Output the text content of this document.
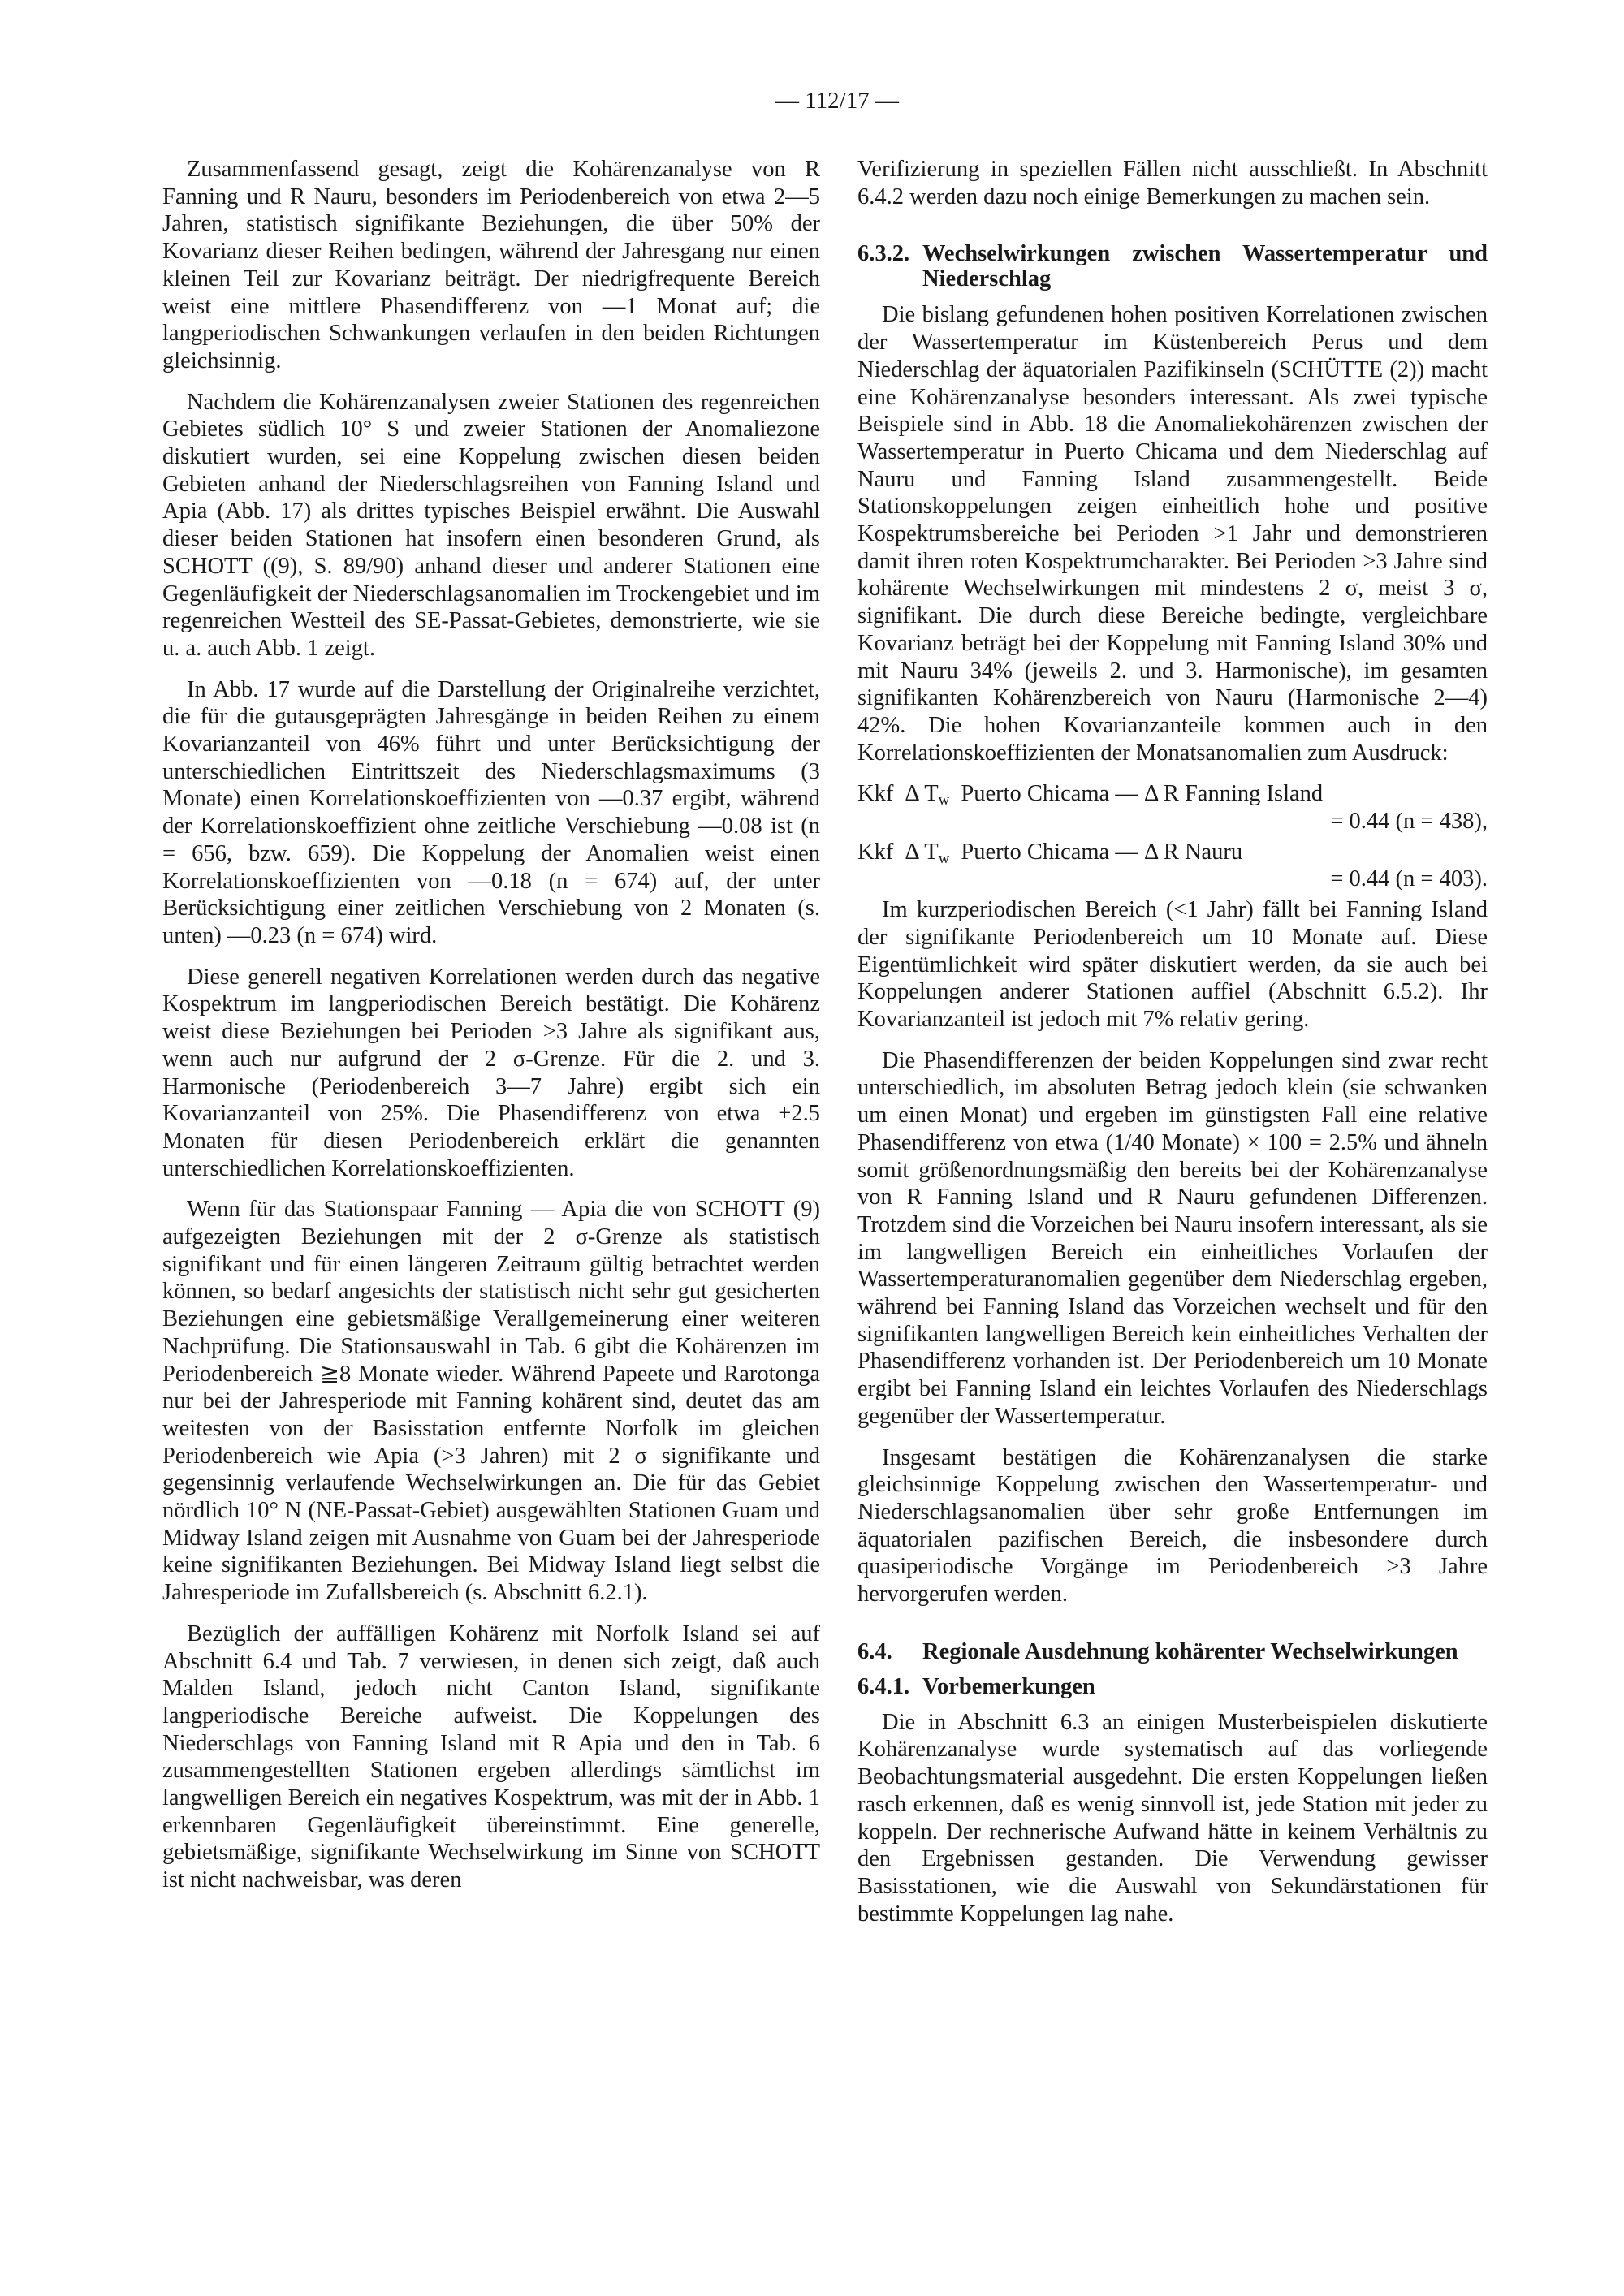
— 112/17 —

Zusammenfassend gesagt, zeigt die Kohärenzanalyse von R Fanning und R Nauru, besonders im Periodenbereich von etwa 2—5 Jahren, statistisch signifikante Beziehungen, die über 50% der Kovarianz dieser Reihen bedingen, während der Jahresgang nur einen kleinen Teil zur Kovarianz beiträgt. Der niedrigfrequente Bereich weist eine mittlere Phasendifferenz von —1 Monat auf; die langperiodischen Schwankungen verlaufen in den beiden Richtungen gleichsinnig.

Nachdem die Kohärenzanalysen zweier Stationen des regenreichen Gebietes südlich 10° S und zweier Stationen der Anomaliezone diskutiert wurden, sei eine Koppelung zwischen diesen beiden Gebieten anhand der Niederschlagsreihen von Fanning Island und Apia (Abb. 17) als drittes typisches Beispiel erwähnt. Die Auswahl dieser beiden Stationen hat insofern einen besonderen Grund, als SCHOTT ((9), S. 89/90) anhand dieser und anderer Stationen eine Gegenläufigkeit der Niederschlagsanomalien im Trockengebiet und im regenreichen Westteil des SE-Passat-Gebietes, demonstrierte, wie sie u. a. auch Abb. 1 zeigt.

In Abb. 17 wurde auf die Darstellung der Originalreihe verzichtet, die für die gutausgeprägten Jahresgänge in beiden Reihen zu einem Kovarianzanteil von 46% führt und unter Berücksichtigung der unterschiedlichen Eintrittszeit des Niederschlagsmaximums (3 Monate) einen Korrelationskoeffizienten von —0.37 ergibt, während der Korrelationskoeffizient ohne zeitliche Verschiebung —0.08 ist (n = 656, bzw. 659). Die Koppelung der Anomalien weist einen Korrelationskoeffizienten von —0.18 (n = 674) auf, der unter Berücksichtigung einer zeitlichen Verschiebung von 2 Monaten (s. unten) —0.23 (n = 674) wird.

Diese generell negativen Korrelationen werden durch das negative Kospektrum im langperiodischen Bereich bestätigt. Die Kohärenz weist diese Beziehungen bei Perioden >3 Jahre als signifikant aus, wenn auch nur aufgrund der 2 σ-Grenze. Für die 2. und 3. Harmonische (Periodenbereich 3—7 Jahre) ergibt sich ein Kovarianzanteil von 25%. Die Phasendifferenz von etwa +2.5 Monaten für diesen Periodenbereich erklärt die genannten unterschiedlichen Korrelationskoeffizienten.

Wenn für das Stationspaar Fanning — Apia die von SCHOTT (9) aufgezeigten Beziehungen mit der 2 σ-Grenze als statistisch signifikant und für einen längeren Zeitraum gültig betrachtet werden können, so bedarf angesichts der statistisch nicht sehr gut gesicherten Beziehungen eine gebietsmäßige Verallgemeinerung einer weiteren Nachprüfung. Die Stationsauswahl in Tab. 6 gibt die Kohärenzen im Periodenbereich ≧8 Monate wieder. Während Papeete und Rarotonga nur bei der Jahresperiode mit Fanning kohärent sind, deutet das am weitesten von der Basisstation entfernte Norfolk im gleichen Periodenbereich wie Apia (>3 Jahren) mit 2 σ signifikante und gegensinnig verlaufende Wechselwirkungen an. Die für das Gebiet nördlich 10° N (NE-Passat-Gebiet) ausgewählten Stationen Guam und Midway Island zeigen mit Ausnahme von Guam bei der Jahresperiode keine signifikanten Beziehungen. Bei Midway Island liegt selbst die Jahresperiode im Zufallsbereich (s. Abschnitt 6.2.1).

Bezüglich der auffälligen Kohärenz mit Norfolk Island sei auf Abschnitt 6.4 und Tab. 7 verwiesen, in denen sich zeigt, daß auch Malden Island, jedoch nicht Canton Island, signifikante langperiodische Bereiche aufweist. Die Koppelungen des Niederschlags von Fanning Island mit R Apia und den in Tab. 6 zusammengestellten Stationen ergeben allerdings sämtlichst im langwelligen Bereich ein negatives Kospektrum, was mit der in Abb. 1 erkennbaren Gegenläufigkeit übereinstimmt. Eine generelle, gebietsmäßige, signifikante Wechselwirkung im Sinne von SCHOTT ist nicht nachweisbar, was deren

Verifizierung in speziellen Fällen nicht ausschließt. In Abschnitt 6.4.2 werden dazu noch einige Bemerkungen zu machen sein.

6.3.2. Wechselwirkungen zwischen Wassertemperatur und Niederschlag

Die bislang gefundenen hohen positiven Korrelationen zwischen der Wassertemperatur im Küstenbereich Perus und dem Niederschlag der äquatorialen Pazifikinseln (SCHÜTTE (2)) macht eine Kohärenzanalyse besonders interessant. Als zwei typische Beispiele sind in Abb. 18 die Anomaliekohärenzen zwischen der Wassertemperatur in Puerto Chicama und dem Niederschlag auf Nauru und Fanning Island zusammengestellt. Beide Stationskoppelungen zeigen einheitlich hohe und positive Kospektrumsbereiche bei Perioden >1 Jahr und demonstrieren damit ihren roten Kospektrumcharakter. Bei Perioden >3 Jahre sind kohärente Wechselwirkungen mit mindestens 2 σ, meist 3 σ, signifikant. Die durch diese Bereiche bedingte, vergleichbare Kovarianz beträgt bei der Koppelung mit Fanning Island 30% und mit Nauru 34% (jeweils 2. und 3. Harmonische), im gesamten signifikanten Kohärenzbereich von Nauru (Harmonische 2—4) 42%. Die hohen Kovarianzanteile kommen auch in den Korrelationskoeffizienten der Monatsanomalien zum Ausdruck:

Kkf Δ $T_w$ Puerto Chicama — Δ R Fanning Island
= 0.44 (n = 438),
Kkf Δ $T_w$ Puerto Chicama — Δ R Nauru
= 0.44 (n = 403).

Im kurzperiodischen Bereich (<1 Jahr) fällt bei Fanning Island der signifikante Periodenbereich um 10 Monate auf. Diese Eigentümlichkeit wird später diskutiert werden, da sie auch bei Koppelungen anderer Stationen auffiel (Abschnitt 6.5.2). Ihr Kovarianzanteil ist jedoch mit 7% relativ gering.

Die Phasendifferenzen der beiden Koppelungen sind zwar recht unterschiedlich, im absoluten Betrag jedoch klein (sie schwanken um einen Monat) und ergeben im günstigsten Fall eine relative Phasendifferenz von etwa (1/40 Monate) × 100 = 2.5% und ähneln somit größenordnungsmäßig den bereits bei der Kohärenzanalyse von R Fanning Island und R Nauru gefundenen Differenzen. Trotzdem sind die Vorzeichen bei Nauru insofern interessant, als sie im langwelligen Bereich ein einheitliches Vorlaufen der Wassertemperaturanomalien gegenüber dem Niederschlag ergeben, während bei Fanning Island das Vorzeichen wechselt und für den signifikanten langwelligen Bereich kein einheitliches Verhalten der Phasendifferenz vorhanden ist. Der Periodenbereich um 10 Monate ergibt bei Fanning Island ein leichtes Vorlaufen des Niederschlags gegenüber der Wassertemperatur.

Insgesamt bestätigen die Kohärenzanalysen die starke gleichsinnige Koppelung zwischen den Wassertemperatur- und Niederschlagsanomalien über sehr große Entfernungen im äquatorialen pazifischen Bereich, die insbesondere durch quasiperiodische Vorgänge im Periodenbereich >3 Jahre hervorgerufen werden.

6.4.	Regionale Ausdehnung kohärenter Wechselwirkungen
6.4.1. Vorbemerkungen

Die in Abschnitt 6.3 an einigen Musterbeispielen diskutierte Kohärenzanalyse wurde systematisch auf das vorliegende Beobachtungsmaterial ausgedehnt. Die ersten Koppelungen ließen rasch erkennen, daß es wenig sinnvoll ist, jede Station mit jeder zu koppeln. Der rechnerische Aufwand hätte in keinem Verhältnis zu den Ergebnissen gestanden. Die Verwendung gewisser Basisstationen, wie die Auswahl von Sekundärstationen für bestimmte Koppelungen lag nahe.
